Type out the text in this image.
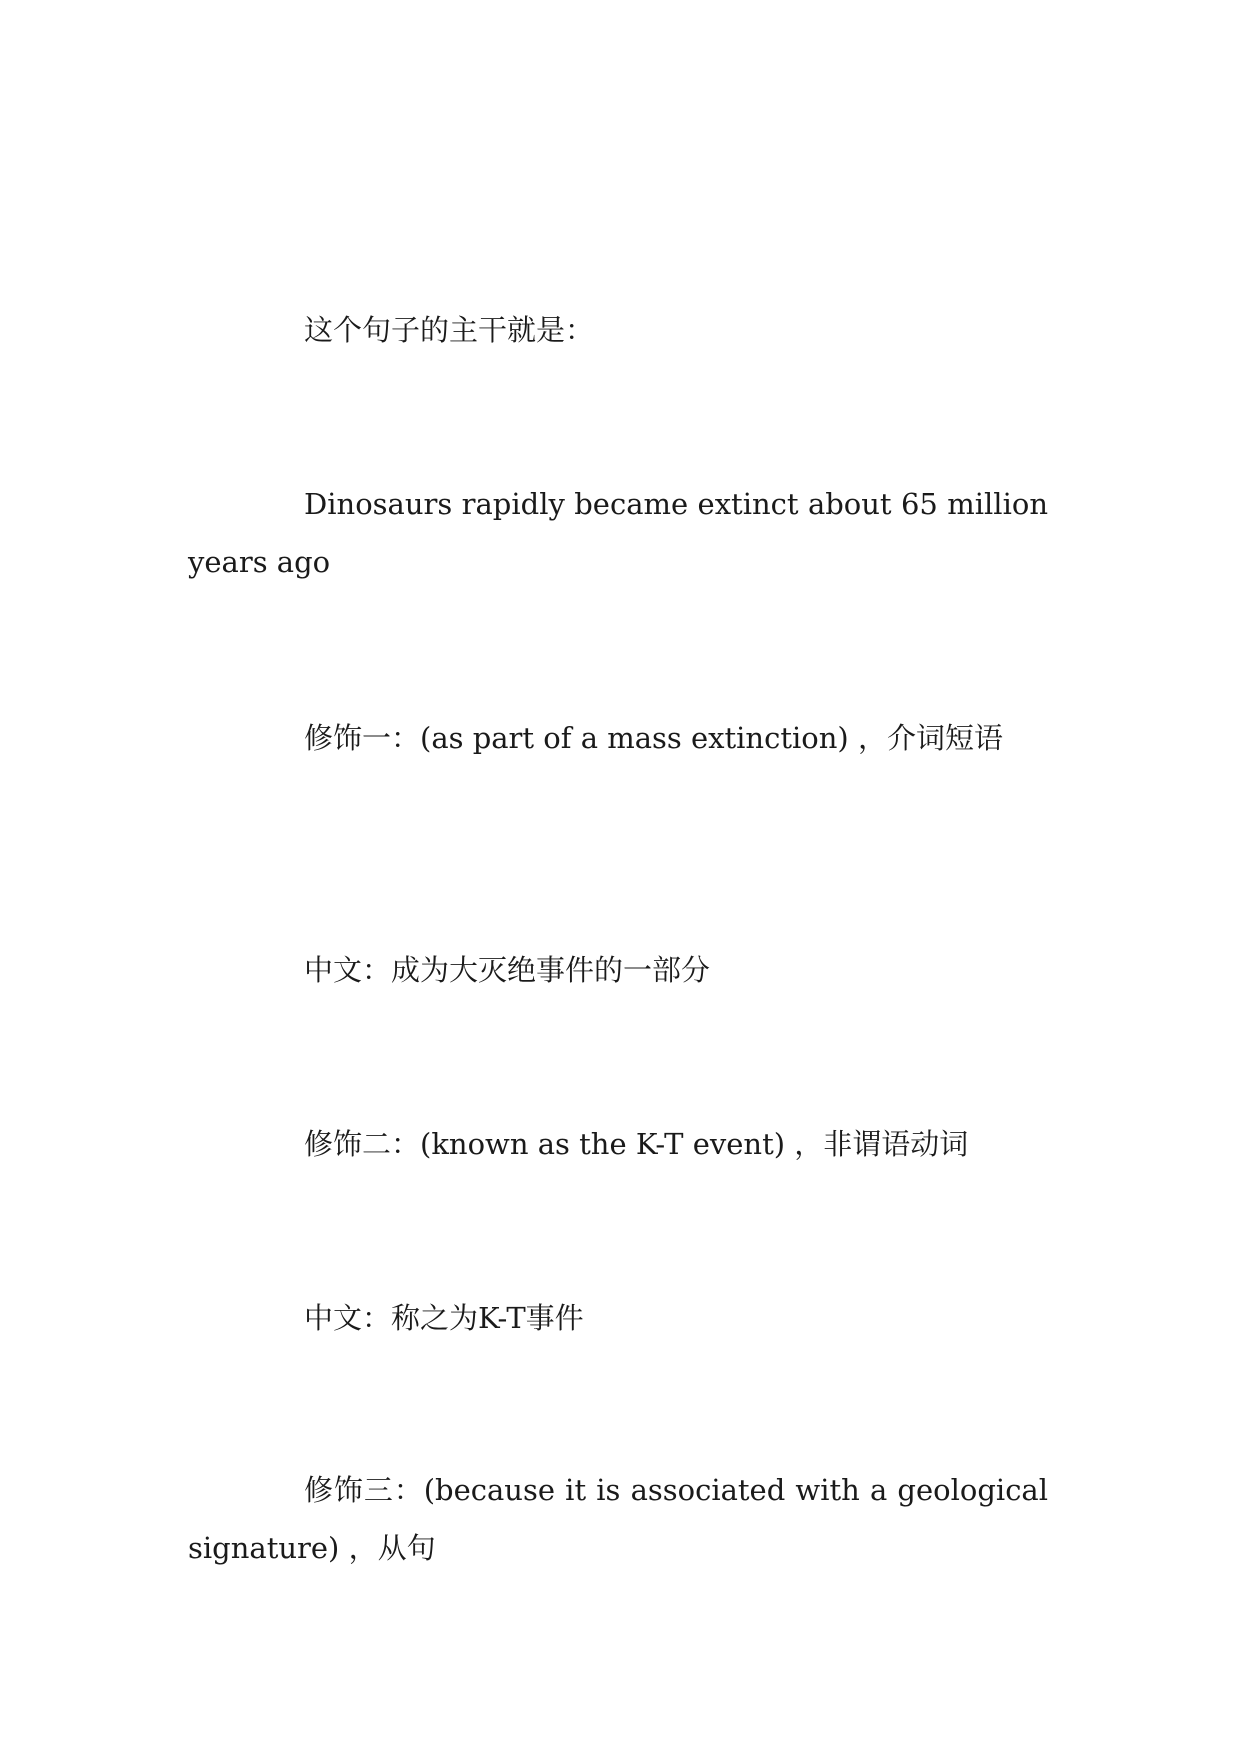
这个句子的主干就是：

Dinosaurs rapidly became extinct about 65 million years ago

修饰一：(as part of a mass extinction) ，介词短语

中文：成为大灭绝事件的一部分

修饰二：(known as the K-T event) ，非谓语动词

中文：称之为K-T事件

修饰三：(because it is associated with a geological signature) ，从句
